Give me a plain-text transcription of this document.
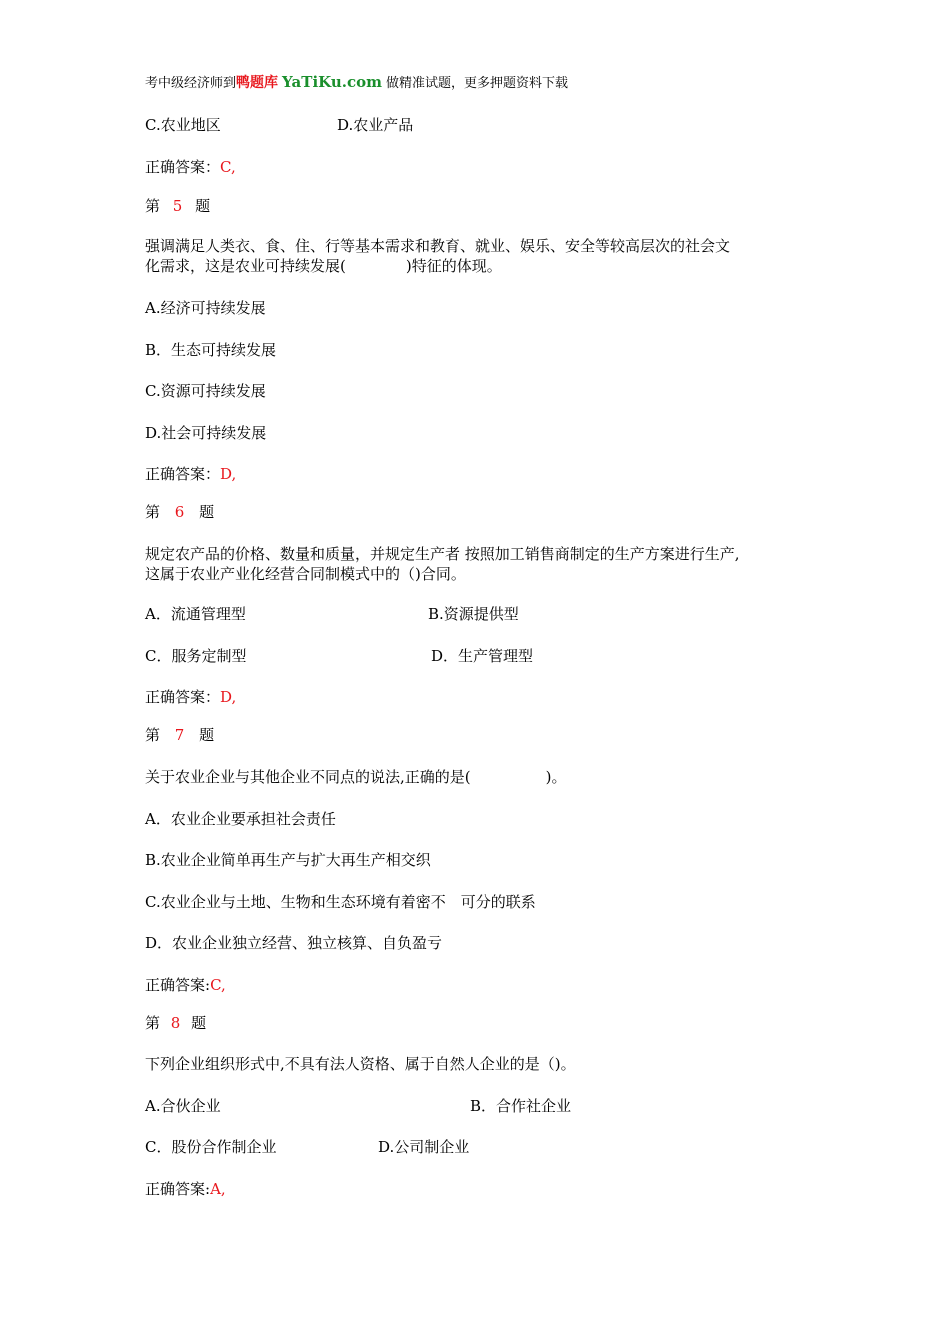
考中级经济师到鸭题库 YaTiKu.com 做精准试题，更多押题资料下载
C.农业地区	D.农业产品
正确答案：C,
第 5 题
强调满足人类衣、食、住、行等基本需求和教育、就业、娱乐、安全等较高层次的社会文
化需求，这是农业可持续发展(　　　　)特征的体现。
A.经济可持续发展
B．生态可持续发展
C.资源可持续发展
D.社会可持续发展
正确答案：D,
第 6 题
规定农产品的价格、数量和质量，并规定生产者 按照加工销售商制定的生产方案进行生产,
这属于农业产业化经营合同制模式中的（)合同。
A．流通管理型	B.资源提供型
C．服务定制型	D．生产管理型
正确答案：D,
第 7 题
关于农业企业与其他企业不同点的说法,正确的是(　　　　　)。
A．农业企业要承担社会责任
B.农业企业简单再生产与扩大再生产相交织
C.农业企业与土地、生物和生态环境有着密不　可分的联系
D．农业企业独立经营、独立核算、自负盈亏
正确答案:C,
第 8 题
下列企业组织形式中,不具有法人资格、属于自然人企业的是（)。
A.合伙企业	B．合作社企业
C．股份合作制企业	D.公司制企业
正确答案:A,
